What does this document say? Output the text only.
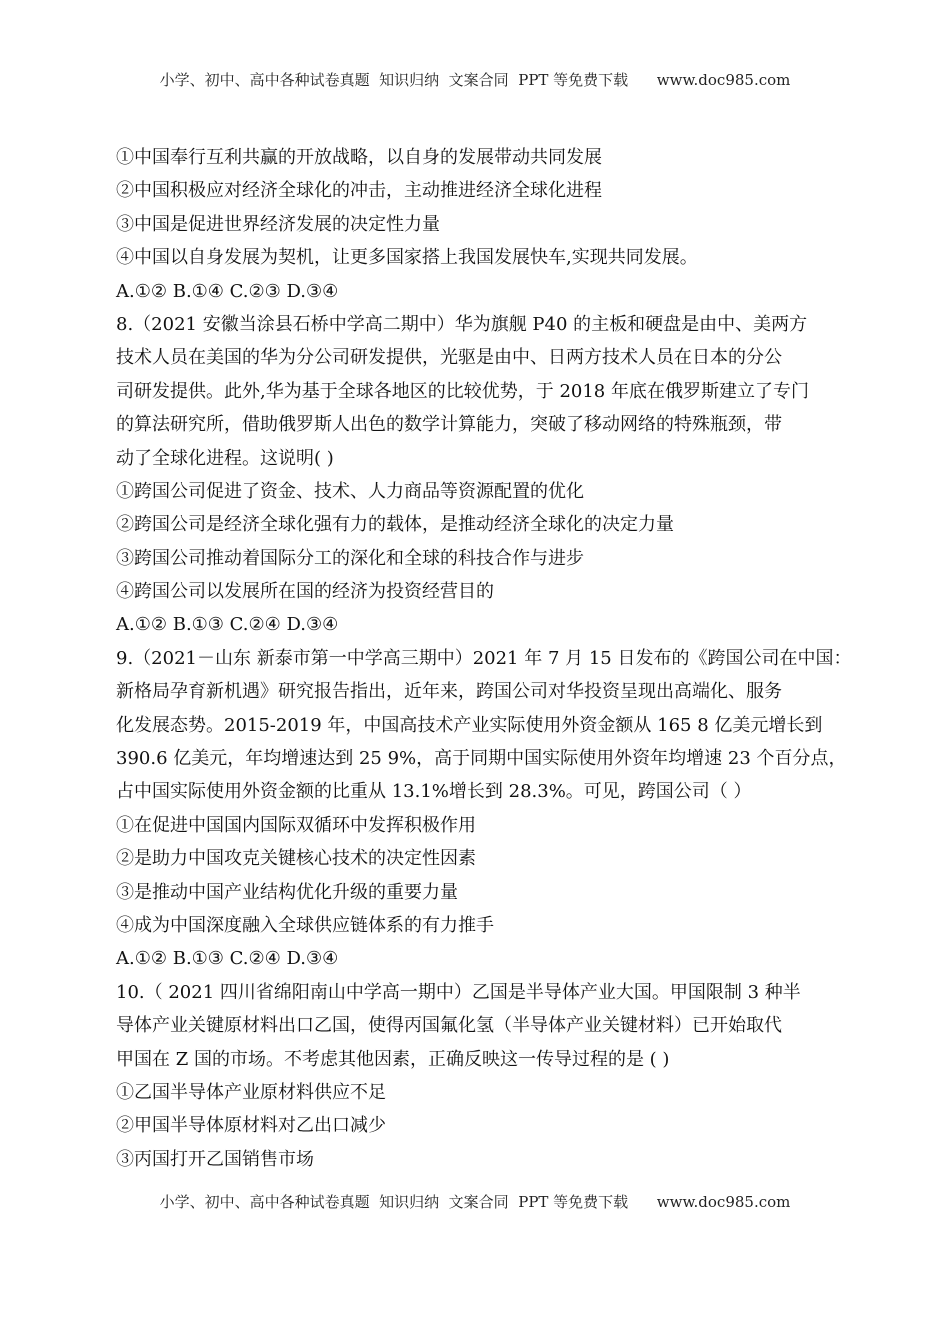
小学、初中、高中各种试卷真题  知识归纳  文案合同  PPT 等免费下载      www.doc985.com
①中国奉行互利共赢的开放战略，以自身的发展带动共同发展
②中国积极应对经济全球化的冲击，主动推进经济全球化进程
③中国是促进世界经济发展的决定性力量
④中国以自身发展为契机，让更多国家搭上我国发展快车,实现共同发展。
A.①② B.①④ C.②③ D.③④
8.（2021 安徽当涂县石桥中学高二期中）华为旗舰 P40 的主板和硬盘是由中、美两方
技术人员在美国的华为分公司研发提供，光驱是由中、日两方技术人员在日本的分公
司研发提供。此外,华为基于全球各地区的比较优势，于 2018 年底在俄罗斯建立了专门
的算法研究所，借助俄罗斯人出色的数学计算能力，突破了移动网络的特殊瓶颈，带
动了全球化进程。这说明( )
①跨国公司促进了资金、技术、人力商品等资源配置的优化
②跨国公司是经济全球化强有力的载体，是推动经济全球化的决定力量
③跨国公司推动着国际分工的深化和全球的科技合作与进步
④跨国公司以发展所在国的经济为投资经营目的
A.①② B.①③ C.②④ D.③④
9.（2021－山东 新泰市第一中学高三期中）2021 年 7 月 15 日发布的《跨国公司在中国：
新格局孕育新机遇》研究报告指出，近年来，跨国公司对华投资呈现出高端化、服务
化发展态势。2015-2019 年，中国高技术产业实际使用外资金额从 165 8 亿美元增长到
390.6 亿美元，年均增速达到 25 9%，高于同期中国实际使用外资年均增速 23 个百分点，
占中国实际使用外资金额的比重从 13.1%增长到 28.3%。可见，跨国公司（ ）
①在促进中国国内国际双循环中发挥积极作用
②是助力中国攻克关键核心技术的决定性因素
③是推动中国产业结构优化升级的重要力量
④成为中国深度融入全球供应链体系的有力推手
A.①② B.①③ C.②④ D.③④
10.（ 2021 四川省绵阳南山中学高一期中）乙国是半导体产业大国。甲国限制 3 种半
导体产业关键原材料出口乙国，使得丙国氟化氢（半导体产业关键材料）已开始取代
甲国在 Z 国的市场。不考虑其他因素，正确反映这一传导过程的是 ( )
①乙国半导体产业原材料供应不足
②甲国半导体原材料对乙出口减少
③丙国打开乙国销售市场
小学、初中、高中各种试卷真题  知识归纳  文案合同  PPT 等免费下载      www.doc985.com
